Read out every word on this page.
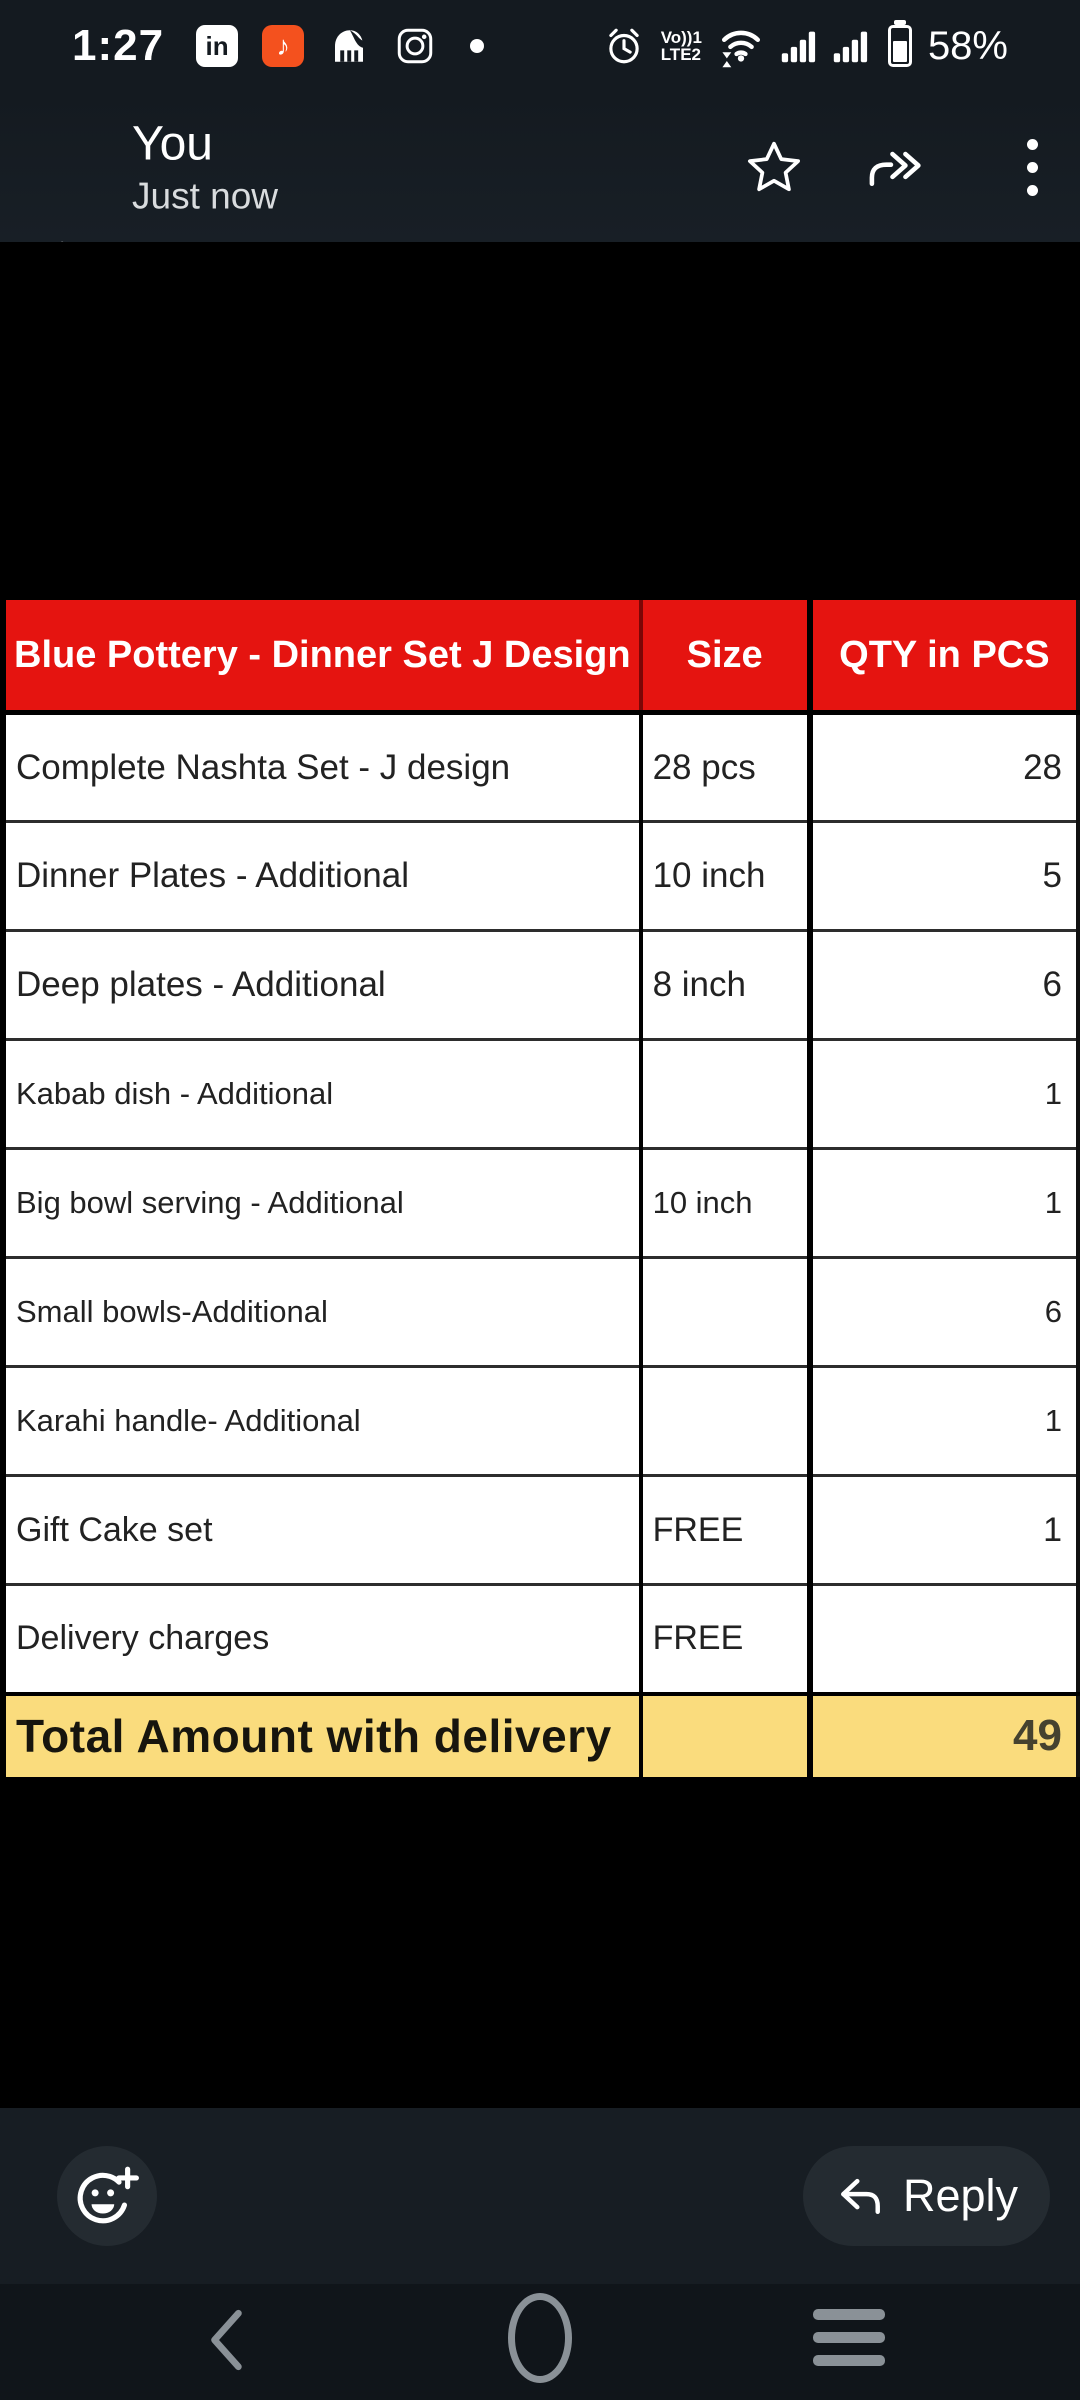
1:27 in ♪	Vo))1
LTE2	58%
You
Just now
Blue Pottery - Dinner Set J Design	Size	QTY in PCS
Complete Nashta Set - J design	28 pcs	28
Dinner Plates - Additional	10 inch	5
Deep plates - Additional	8 inch	6
Kabab dish - Additional		1
Big bowl serving - Additional	10 inch	1
Small bowls-Additional		6
Karahi handle- Additional		1
Gift Cake set	FREE	1
Delivery charges	FREE	
Total Amount with delivery		49
Reply
